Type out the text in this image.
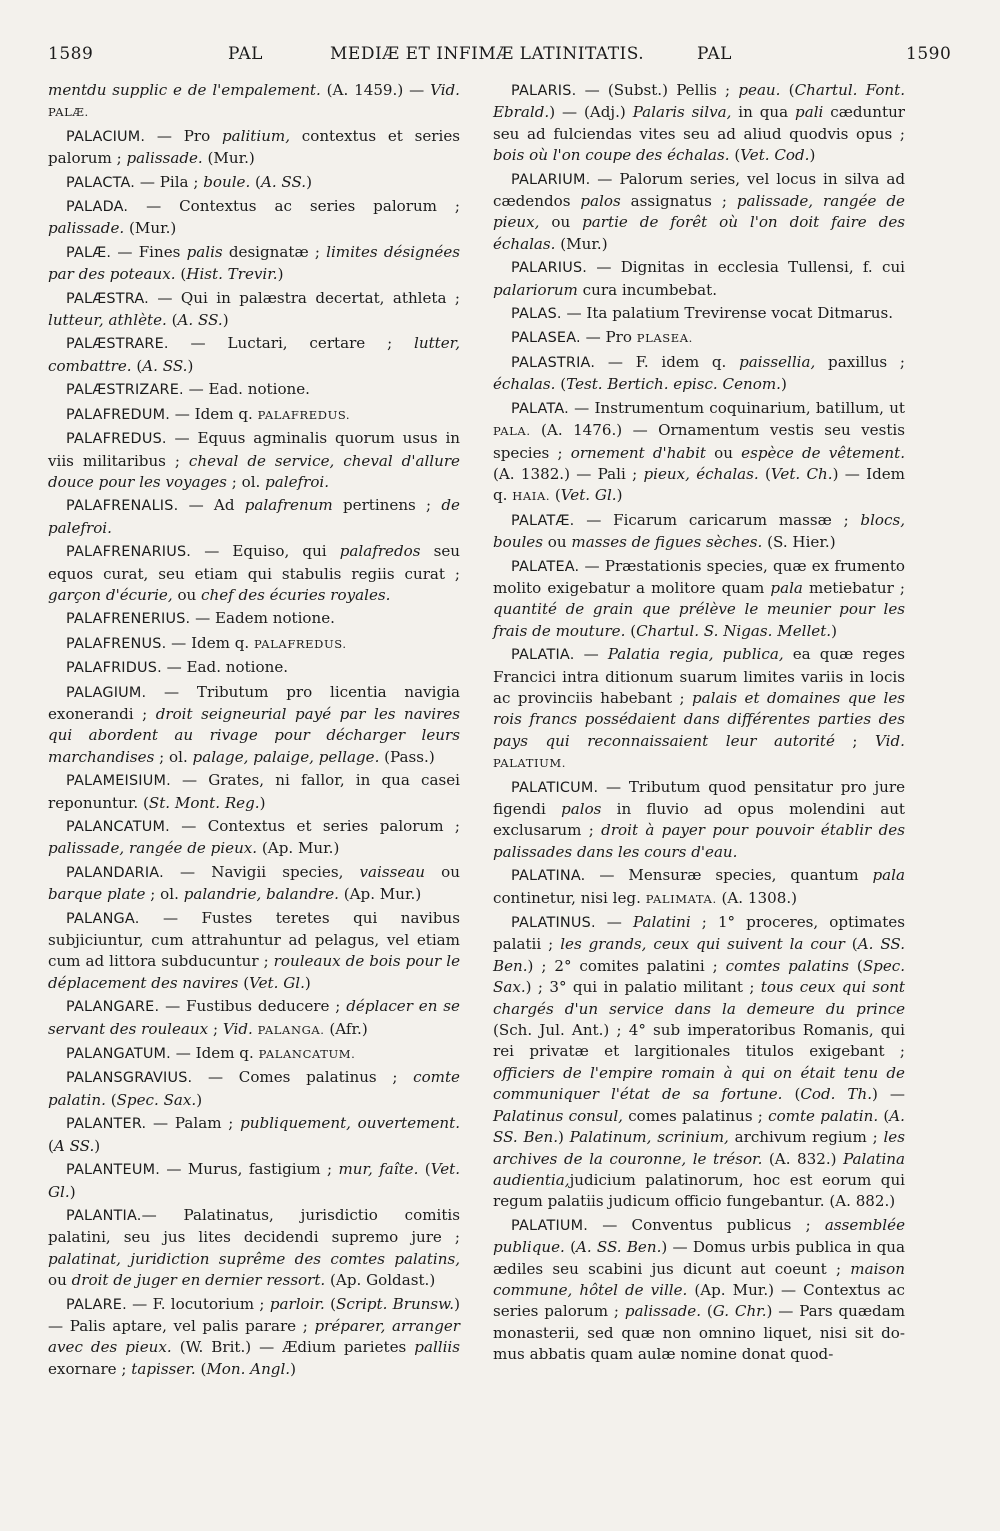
1589	PAL	MEDIÆ ET INFIMÆ LATINITATIS.	PAL	1590

mentdu supplic e de l'empalement. (A. 1459.) — Vid. PALÆ.

PALACIUM. — Pro palitium, contextus et series palorum ; palissade. (Mur.)

PALACTA. — Pila ; boule. (A. SS.)

PALADA. — Contextus ac series palorum ; palissade. (Mur.)

PALÆ. — Fines palis designatæ ; limites désignées par des poteaux. (Hist. Trevir.)

PALÆSTRA. — Qui in palæstra decertat, athleta ; lutteur, athlète. (A. SS.)

PALÆSTRARE. — Luctari, certare ; lutter, combattre. (A. SS.)

PALÆSTRIZARE. — Ead. notione.

PALAFREDUM. — Idem q. PALAFREDUS.

PALAFREDUS. — Equus agminalis quorum usus in viis militaribus ; cheval de service, cheval d'allure douce pour les voyages ; ol. palefroi.

PALAFRENALIS. — Ad palafrenum pertinens ; de palefroi.

PALAFRENARIUS. — Equiso, qui palafredos seu equos curat, seu etiam qui stabulis regiis curat ; garçon d'écurie, ou chef des écuries royales.

PALAFRENERIUS. — Eadem notione.

PALAFRENUS. — Idem q. PALAFREDUS.

PALAFRIDUS. — Ead. notione.

PALAGIUM. — Tributum pro licentia navigia exonerandi ; droit seigneurial payé par les navires qui abordent au rivage pour décharger leurs marchandises ; ol. palage, palaige, pellage. (Pass.)

PALAMEISIUM. — Grates, ni fallor, in qua casei reponuntur. (St. Mont. Reg.)

PALANCATUM. — Contextus et series palorum ; palissade, rangée de pieux. (Ap. Mur.)

PALANDARIA. — Navigii species, vaisseau ou barque plate ; ol. palandrie, balandre. (Ap. Mur.)

PALANGA. — Fustes teretes qui navibus subjiciuntur, cum attrahuntur ad pelagus, vel etiam cum ad littora subducuntur ; rouleaux de bois pour le déplacement des navires (Vet. Gl.)

PALANGARE. — Fustibus deducere ; déplacer en se servant des rouleaux ; Vid. PALANGA. (Afr.)

PALANGATUM. — Idem q. PALANCATUM.

PALANSGRAVIUS. — Comes palatinus ; comte palatin. (Spec. Sax.)

PALANTER. — Palam ; publiquement, ouvertement. (A SS.)

PALANTEUM. — Murus, fastigium ; mur, faîte. (Vet. Gl.)

PALANTIA.— Palatinatus, jurisdictio comitis palatini, seu jus lites decidendi supremo jure ; palatinat, juridiction suprême des comtes palatins, ou droit de juger en dernier ressort. (Ap. Goldast.)

PALARE. — F. locutorium ; parloir. (Script. Brunsw.) — Palis aptare, vel palis parare ; préparer, arranger avec des pieux. (W. Brit.) — Ædium parietes palliis exornare ; tapisser. (Mon. Angl.)

PALARIS. — (Subst.) Pellis ; peau. (Chartul. Font. Ebrald.) — (Adj.) Palaris silva, in qua pali cæduntur seu ad fulciendas vites seu ad aliud quodvis opus ; bois où l'on coupe des échalas. (Vet. Cod.)

PALARIUM. — Palorum series, vel locus in silva ad cædendos palos assignatus ; palissade, rangée de pieux, ou partie de forêt où l'on doit faire des échalas. (Mur.)

PALARIUS. — Dignitas in ecclesia Tullensi, f. cui palariorum cura incumbebat.

PALAS. — Ita palatium Trevirense vocat Ditmarus.

PALASEA. — Pro PLASEA.

PALASTRIA. — F. idem q. paissellia, paxillus ; échalas. (Test. Bertich. episc. Cenom.)

PALATA. — Instrumentum coquinarium, batillum, ut PALA. (A. 1476.) — Ornamentum vestis seu vestis species ; ornement d'habit ou espèce de vêtement. (A. 1382.) — Pali ; pieux, échalas. (Vet. Ch.) — Idem q. HAIA. (Vet. Gl.)

PALATÆ. — Ficarum caricarum massæ ; blocs, boules ou masses de figues sèches. (S. Hier.)

PALATEA. — Præstationis species, quæ ex frumento molito exigebatur a molitore quam pala metiebatur ; quantité de grain que prélève le meunier pour les frais de mouture. (Chartul. S. Nigas. Mellet.)

PALATIA. — Palatia regia, publica, ea quæ reges Francici intra ditionum suarum limites variis in locis ac provinciis habebant ; palais et domaines que les rois francs possédaient dans différentes parties des pays qui reconnaissaient leur autorité ; Vid. PALATIUM.

PALATICUM. — Tributum quod pensitatur pro jure figendi palos in fluvio ad opus molendini aut exclusarum ; droit à payer pour pouvoir établir des palissades dans les cours d'eau.

PALATINA. — Mensuræ species, quantum pala continetur, nisi leg. PALIMATA. (A. 1308.)

PALATINUS. — Palatini ; 1° proceres, optimates palatii ; les grands, ceux qui suivent la cour (A. SS. Ben.) ; 2° comites palatini ; comtes palatins (Spec. Sax.) ; 3° qui in palatio militant ; tous ceux qui sont chargés d'un service dans la demeure du prince (Sch. Jul. Ant.) ; 4° sub imperatoribus Romanis, qui rei privatæ et largitionales titulos exigebant ; officiers de l'empire romain à qui on était tenu de communiquer l'état de sa fortune. (Cod. Th.) — Palatinus consul, comes palatinus ; comte palatin. (A. SS. Ben.) Palatinum, scrinium, archivum regium ; les archives de la couronne, le trésor. (A. 832.) Palatina audientia,judicium palatinorum, hoc est eorum qui regum palatiis judicum officio fungebantur. (A. 882.)

PALATIUM. — Conventus publicus ; assemblée publique. (A. SS. Ben.) — Domus urbis publica in qua ædiles seu scabini jus dicunt aut coeunt ; maison commune, hôtel de ville. (Ap. Mur.) — Contextus ac series palorum ; palissade. (G. Chr.) — Pars quædam monasterii, sed quæ non omnino liquet, nisi sit domus abbatis quam aulæ nomine donat quod-
